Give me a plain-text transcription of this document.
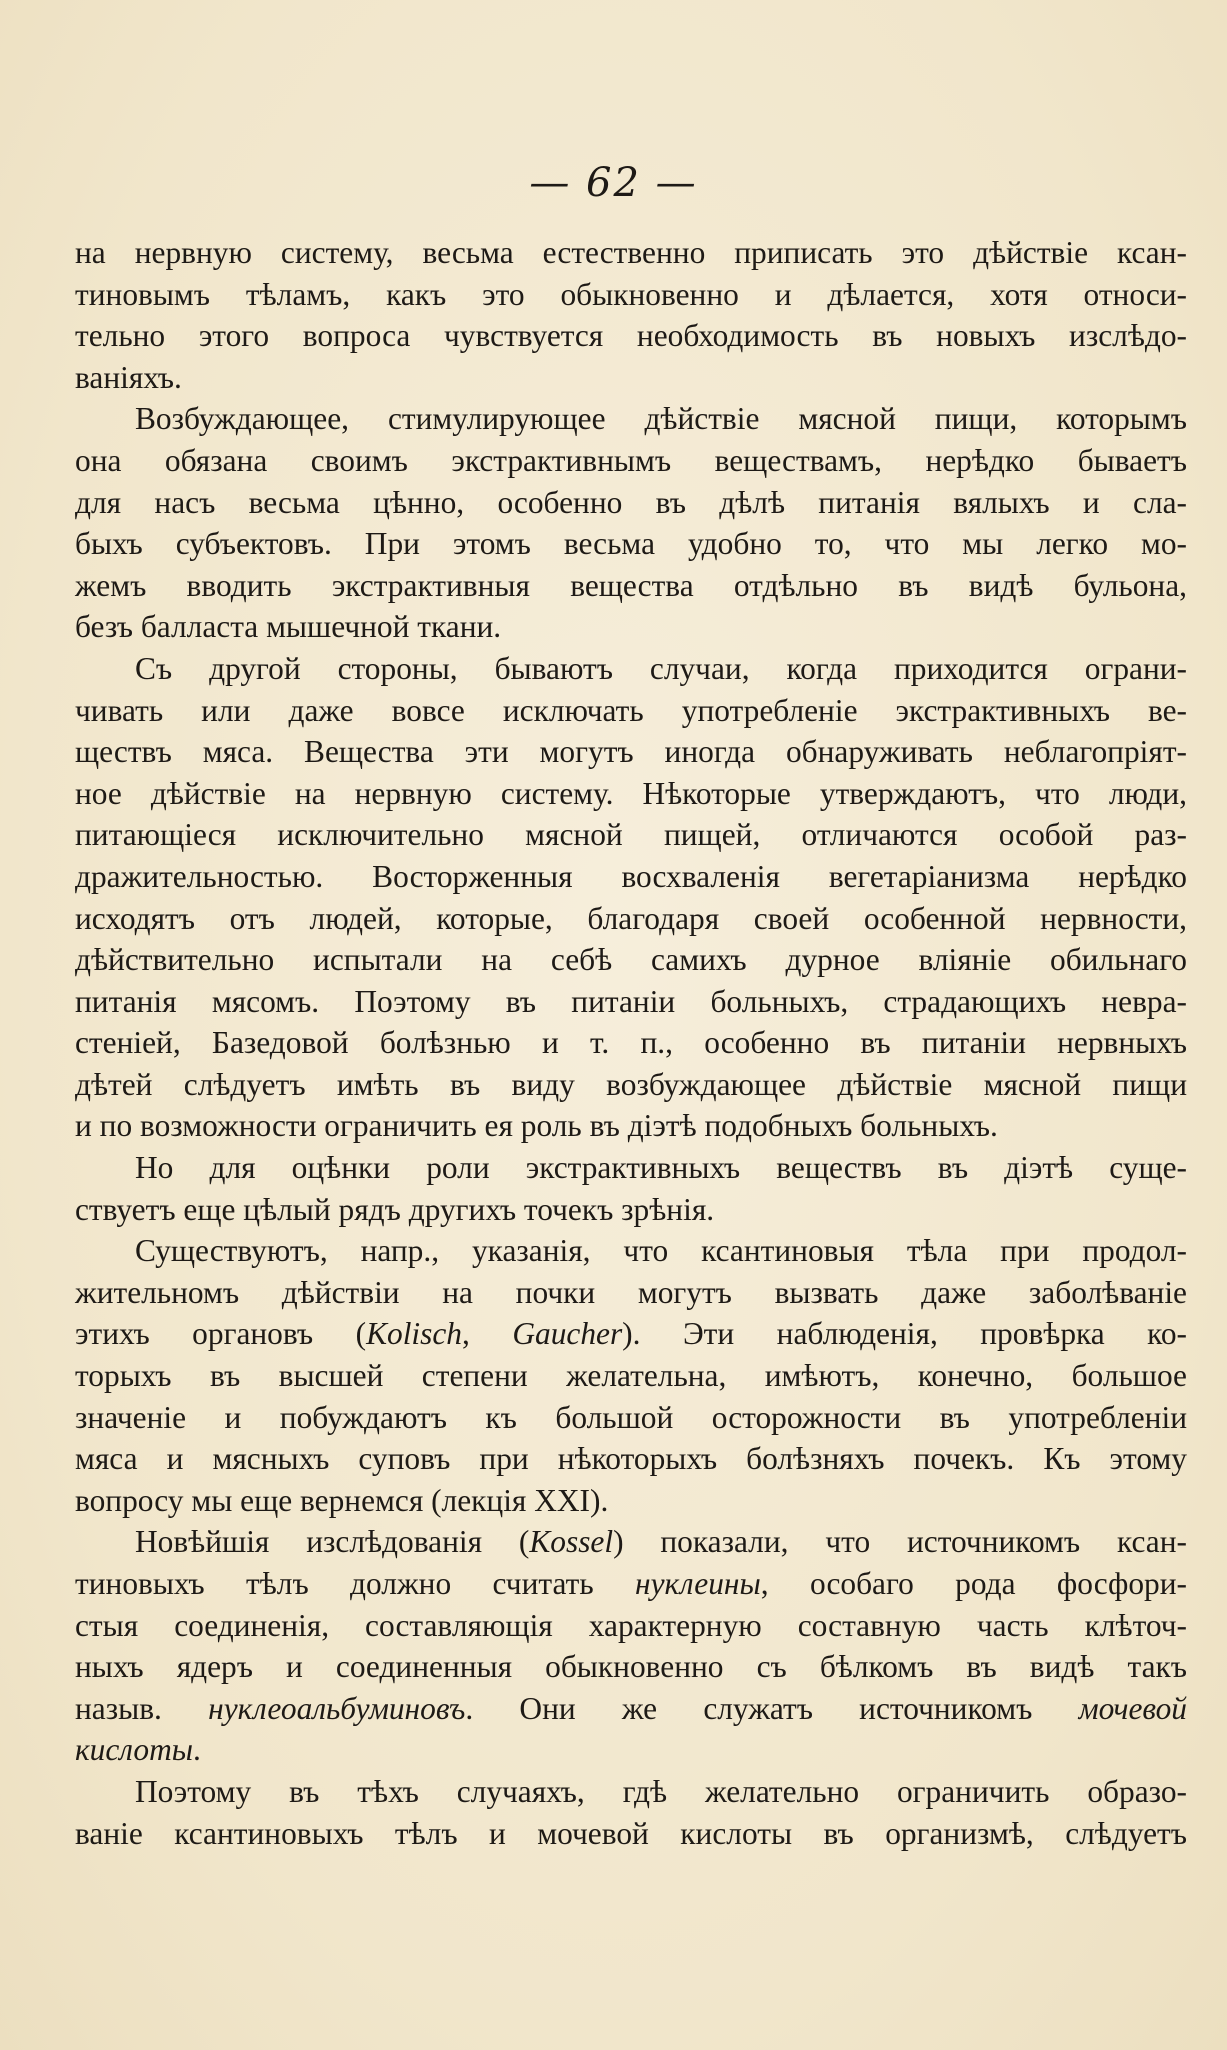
— 62 —
на нервную систему, весьма естественно приписать это дѣйствіе ксан-
тиновымъ тѣламъ, какъ это обыкновенно и дѣлается, хотя относи-
тельно этого вопроса чувствуется необходимость въ новыхъ изслѣдо-
ваніяхъ.
Возбуждающее, стимулирующее дѣйствіе мясной пищи, которымъ
она обязана своимъ экстрактивнымъ веществамъ, нерѣдко бываетъ
для насъ весьма цѣнно, особенно въ дѣлѣ питанія вялыхъ и сла-
быхъ субъектовъ. При этомъ весьма удобно то, что мы легко мо-
жемъ вводить экстрактивныя вещества отдѣльно въ видѣ бульона,
безъ балласта мышечной ткани.
Съ другой стороны, бываютъ случаи, когда приходится ограни-
чивать или даже вовсе исключать употребленіе экстрактивныхъ ве-
ществъ мяса. Вещества эти могутъ иногда обнаруживать неблагопріят-
ное дѣйствіе на нервную систему. Нѣкоторые утверждаютъ, что люди,
питающіеся исключительно мясной пищей, отличаются особой раз-
дражительностью. Восторженныя восхваленія вегетаріанизма нерѣдко
исходятъ отъ людей, которые, благодаря своей особенной нервности,
дѣйствительно испытали на себѣ самихъ дурное вліяніе обильнаго
питанія мясомъ. Поэтому въ питаніи больныхъ, страдающихъ невра-
стеніей, Базедовой болѣзнью и т. п., особенно въ питаніи нервныхъ
дѣтей слѣдуетъ имѣть въ виду возбуждающее дѣйствіе мясной пищи
и по возможности ограничить ея роль въ діэтѣ подобныхъ больныхъ.
Но для оцѣнки роли экстрактивныхъ веществъ въ діэтѣ суще-
ствуетъ еще цѣлый рядъ другихъ точекъ зрѣнія.
Существуютъ, напр., указанія, что ксантиновыя тѣла при продол-
жительномъ дѣйствіи на почки могутъ вызвать даже заболѣваніе
этихъ органовъ (Kolisch, Gaucher). Эти наблюденія, провѣрка ко-
торыхъ въ высшей степени желательна, имѣютъ, конечно, большое
значеніе и побуждаютъ къ большой осторожности въ употребленіи
мяса и мясныхъ суповъ при нѣкоторыхъ болѣзняхъ почекъ. Къ этому
вопросу мы еще вернемся (лекція XXI).
Новѣйшія изслѣдованія (Kossel) показали, что источникомъ ксан-
тиновыхъ тѣлъ должно считать нуклеины, особаго рода фосфори-
стыя соединенія, составляющія характерную составную часть клѣточ-
ныхъ ядеръ и соединенныя обыкновенно съ бѣлкомъ въ видѣ такъ
назыв. нуклеоальбуминовъ. Они же служатъ источникомъ мочевой
кислоты.
Поэтому въ тѣхъ случаяхъ, гдѣ желательно ограничить образо-
ваніе ксантиновыхъ тѣлъ и мочевой кислоты въ организмѣ, слѣдуетъ
